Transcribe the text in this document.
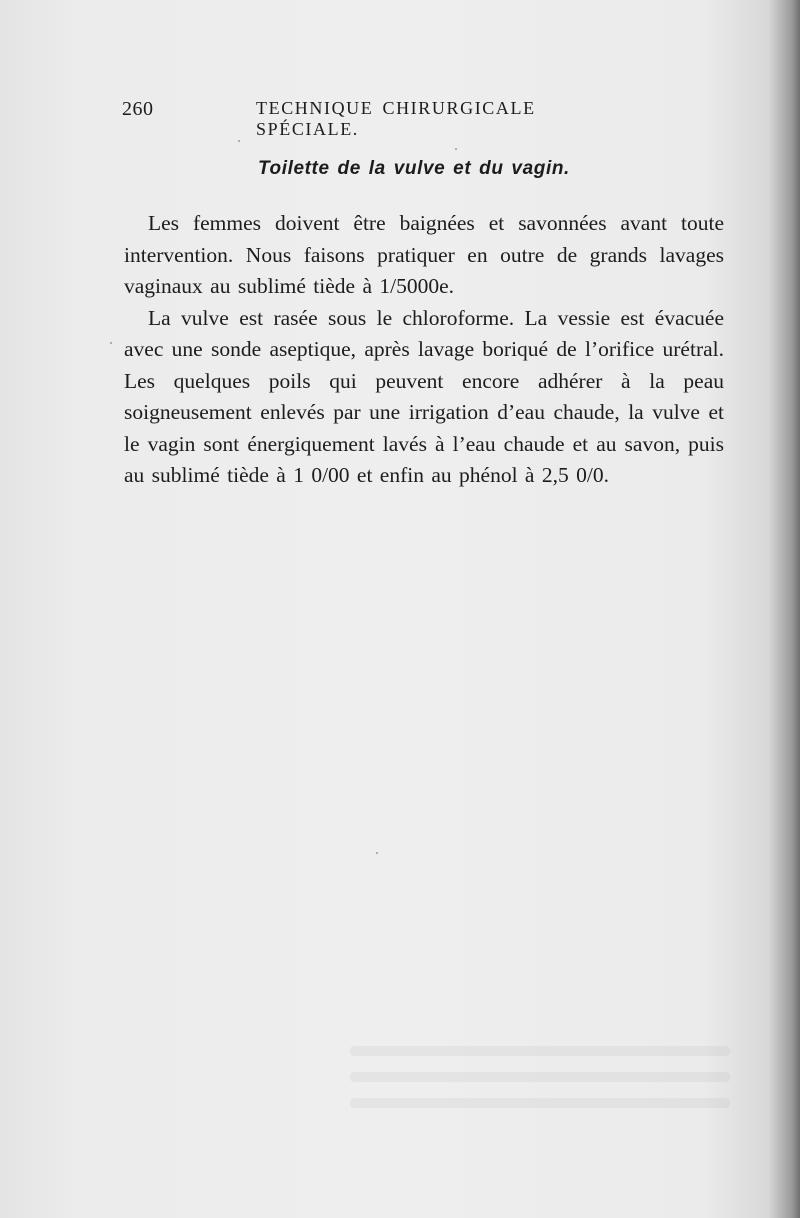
260	TECHNIQUE CHIRURGICALE SPÉCIALE.
Toilette de la vulve et du vagin.

Les femmes doivent être baignées et savonnées avant toute intervention. Nous faisons pratiquer en outre de grands lavages vaginaux au sublimé tiède à 1/5000e.

La vulve est rasée sous le chloroforme. La vessie est évacuée avec une sonde aseptique, après lavage boriqué de l’orifice urétral. Les quelques poils qui peuvent encore adhérer à la peau soigneusement enlevés par une irrigation d’eau chaude, la vulve et le vagin sont énergiquement lavés à l’eau chaude et au savon, puis au sublimé tiède à 1 0/00 et enfin au phénol à 2,5 0/0.
